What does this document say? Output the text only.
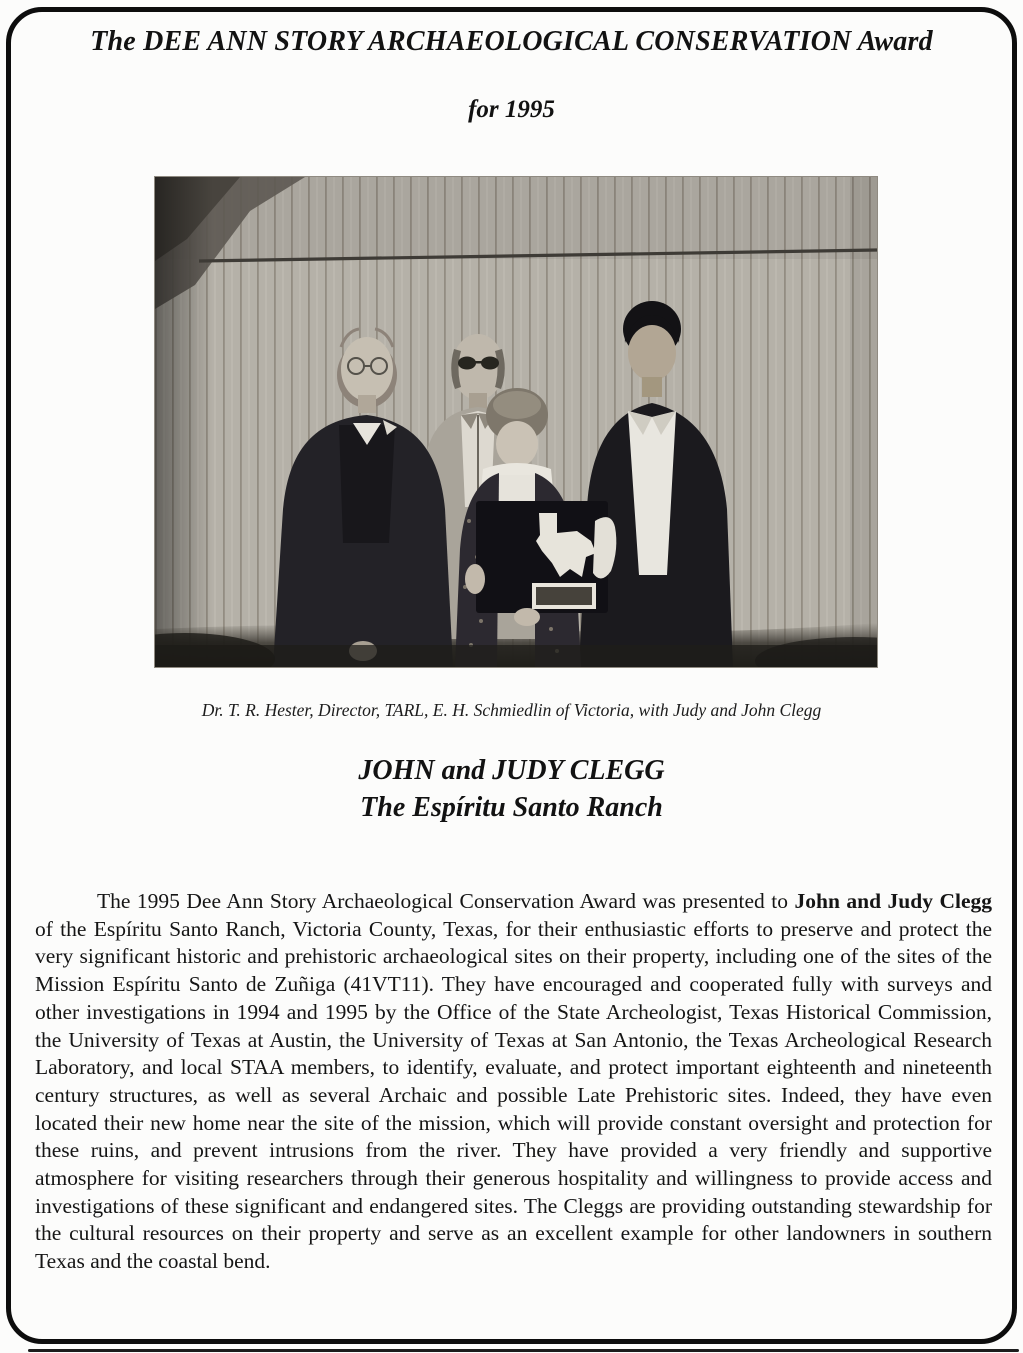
The DEE ANN STORY ARCHAEOLOGICAL CONSERVATION Award
for 1995
Dr. T. R. Hester, Director, TARL, E. H. Schmiedlin of Victoria, with Judy and John Clegg
JOHN and JUDY CLEGG
The Espíritu Santo Ranch

The 1995 Dee Ann Story Archaeological Conservation Award was presented to John and Judy Clegg of the Espíritu Santo Ranch, Victoria County, Texas, for their enthusiastic efforts to preserve and protect the very significant historic and prehistoric archaeological sites on their property, including one of the sites of the Mission Espíritu Santo de Zuñiga (41VT11). They have encouraged and cooperated fully with surveys and other investigations in 1994 and 1995 by the Office of the State Archeologist, Texas Historical Commission, the University of Texas at Austin, the University of Texas at San Antonio, the Texas Archeological Research Laboratory, and local STAA members, to identify, evaluate, and protect important eighteenth and nineteenth century structures, as well as several Archaic and possible Late Prehistoric sites. Indeed, they have even located their new home near the site of the mission, which will provide constant oversight and protection for these ruins, and prevent intrusions from the river. They have provided a very friendly and supportive atmosphere for visiting researchers through their generous hospitality and willingness to provide access and investigations of these significant and endangered sites. The Cleggs are providing outstanding stewardship for the cultural resources on their property and serve as an excellent example for other landowners in southern Texas and the coastal bend.
